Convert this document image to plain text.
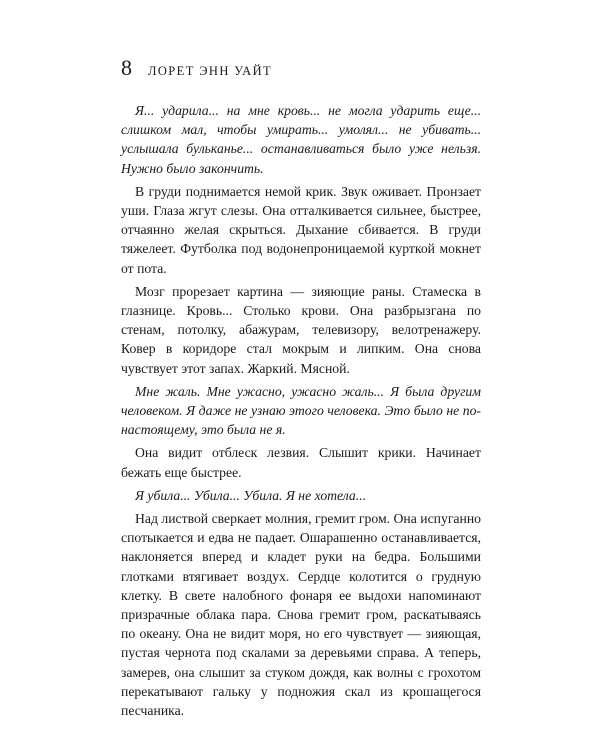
8 ЛОРЕТ ЭНН УАЙТ

Я... ударила... на мне кровь... не могла ударить еще... слишком мал, чтобы умирать... умолял... не убивать... услышала бульканье... останавливаться было уже нельзя. Нужно было закончить.

В груди поднимается немой крик. Звук оживает. Пронзает уши. Глаза жгут слезы. Она отталкивается сильнее, быстрее, отчаянно желая скрыться. Дыхание сбивается. В груди тяжелеет. Футболка под водонепроницаемой курткой мокнет от пота.

Мозг прорезает картина — зияющие раны. Стамеска в глазнице. Кровь... Столько крови. Она разбрызгана по стенам, потолку, абажурам, телевизору, велотренажеру. Ковер в коридоре стал мокрым и липким. Она снова чувствует этот запах. Жаркий. Мясной.

Мне жаль. Мне ужасно, ужасно жаль... Я была другим человеком. Я даже не узнаю этого человека. Это было не по-настоящему, это была не я.

Она видит отблеск лезвия. Слышит крики. Начинает бежать еще быстрее.

Я убила... Убила... Убила. Я не хотела...

Над листвой сверкает молния, гремит гром. Она испуганно спотыкается и едва не падает. Ошарашенно останавливается, наклоняется вперед и кладет руки на бедра. Большими глотками втягивает воздух. Сердце колотится о грудную клетку. В свете налобного фонаря ее выдохи напоминают призрачные облака пара. Снова гремит гром, раскатываясь по океану. Она не видит моря, но его чувствует — зияющая, пустая чернота под скалами за деревьями справа. А теперь, замерев, она слышит за стуком дождя, как волны с грохотом перекатывают гальку у подножия скал из крошащегося песчаника.
